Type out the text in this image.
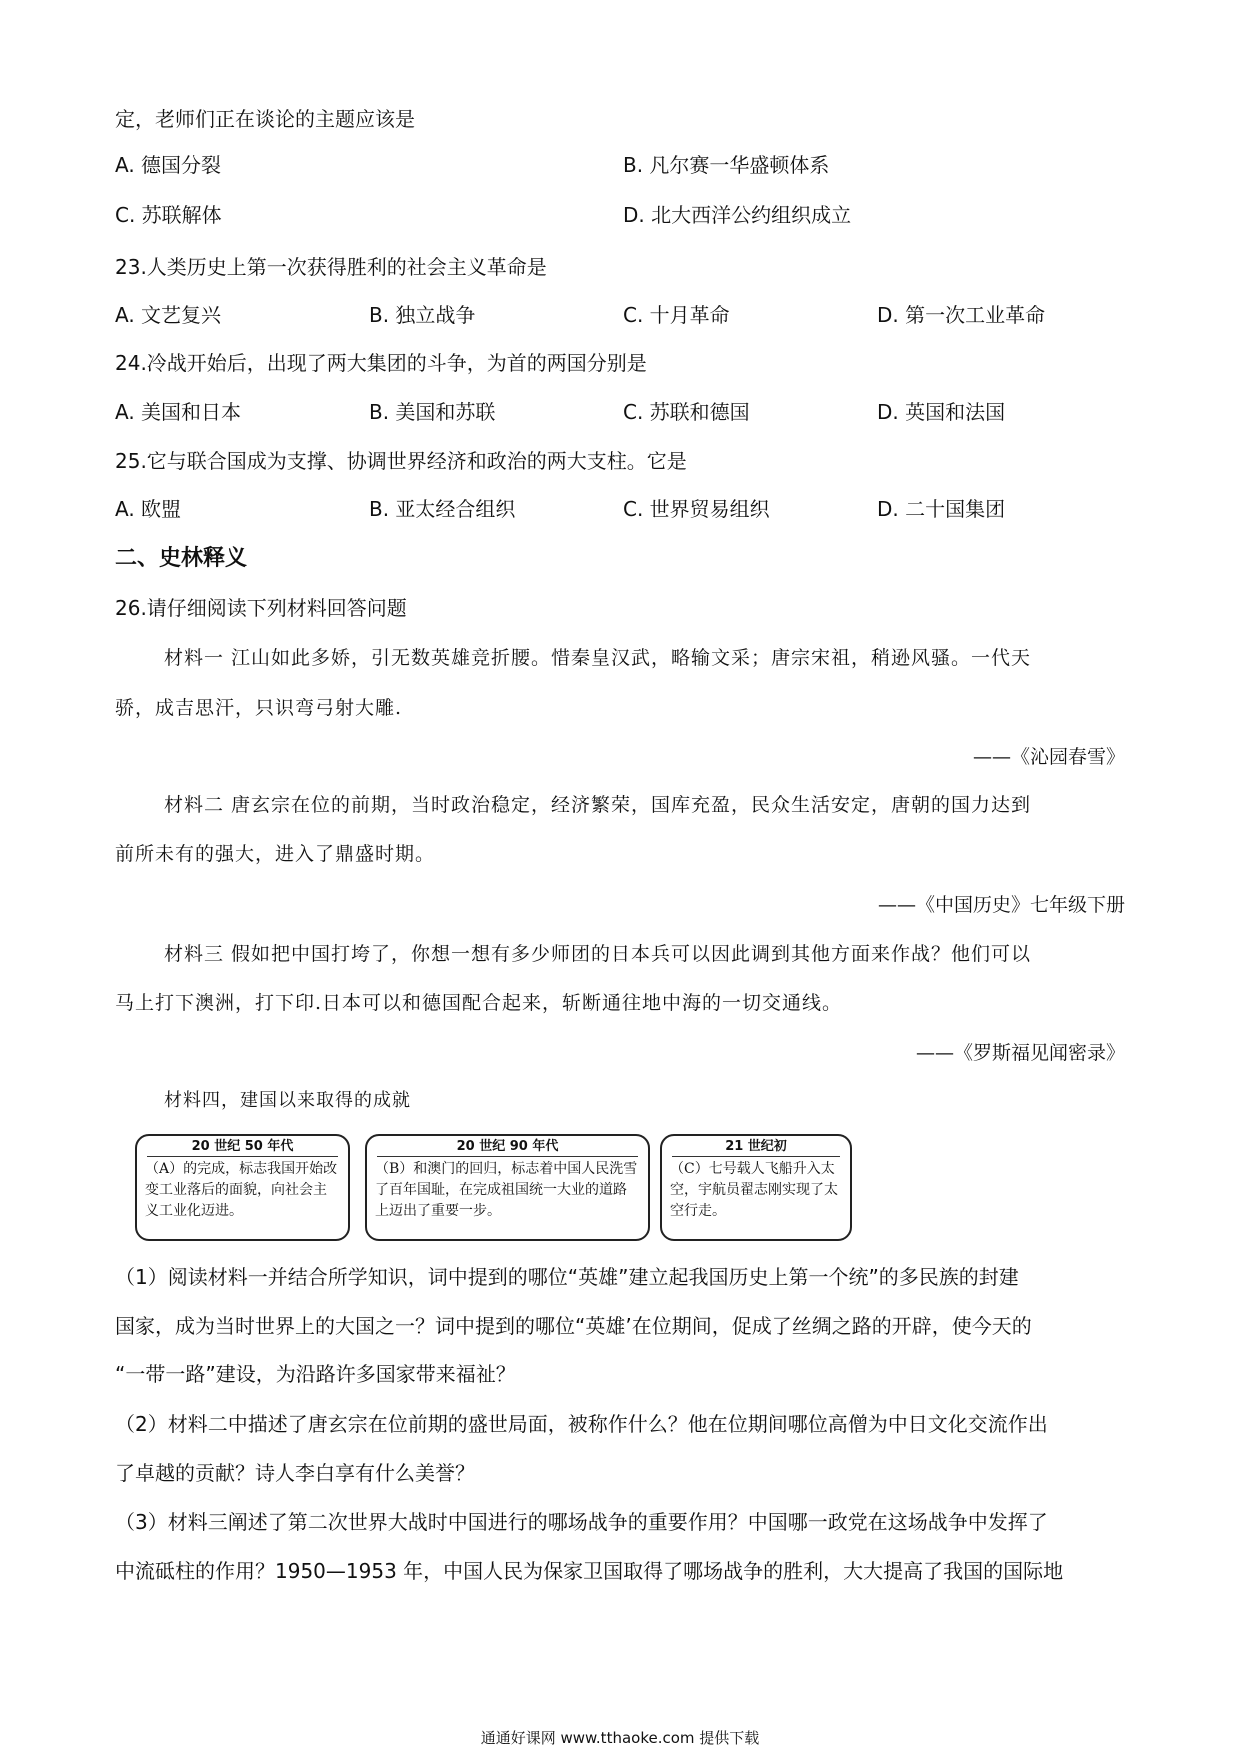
定，老师们正在谈论的主题应该是
A. 德国分裂	B. 凡尔赛一华盛顿体系
C. 苏联解体	D. 北大西洋公约组织成立
23.人类历史上第一次获得胜利的社会主义革命是
A. 文艺复兴	B. 独立战争	C. 十月革命	D. 第一次工业革命
24.冷战开始后，出现了两大集团的斗争，为首的两国分别是
A. 美国和日本	B. 美国和苏联	C. 苏联和德国	D. 英国和法国
25.它与联合国成为支撑、协调世界经济和政治的两大支柱。它是
A. 欧盟	B. 亚太经合组织	C. 世界贸易组织	D. 二十国集团
二、史林释义
26.请仔细阅读下列材料回答问题
材料一 江山如此多娇，引无数英雄竞折腰。惜秦皇汉武，略输文采；唐宗宋祖，稍逊风骚。一代天
骄，成吉思汗，只识弯弓射大雕.
——《沁园春雪》
材料二 唐玄宗在位的前期，当时政治稳定，经济繁荣，国库充盈，民众生活安定，唐朝的国力达到
前所未有的强大，进入了鼎盛时期。
——《中国历史》七年级下册
材料三 假如把中国打垮了，你想一想有多少师团的日本兵可以因此调到其他方面来作战？他们可以
马上打下澳洲，打下印.日本可以和德国配合起来，斩断通往地中海的一切交通线。
——《罗斯福见闻密录》
材料四，建国以来取得的成就
20 世纪 50 年代
（A）的完成，标志我国开始改变工业落后的面貌，向社会主义工业化迈进。
20 世纪 90 年代
（B）和澳门的回归，标志着中国人民洗雪了百年国耻，在完成祖国统一大业的道路上迈出了重要一步。
21 世纪初
（C）七号载人飞船升入太空，宇航员翟志刚实现了太空行走。
（1）阅读材料一并结合所学知识，词中提到的哪位“英雄”建立起我国历史上第一个统”的多民族的封建
国家，成为当时世界上的大国之一？词中提到的哪位“英雄’在位期间，促成了丝绸之路的开辟，使今天的
“一带一路”建设，为沿路许多国家带来福祉？
（2）材料二中描述了唐玄宗在位前期的盛世局面，被称作什么？他在位期间哪位高僧为中日文化交流作出
了卓越的贡献？诗人李白享有什么美誉？
（3）材料三阐述了第二次世界大战时中国进行的哪场战争的重要作用？中国哪一政党在这场战争中发挥了
中流砥柱的作用？1950—1953 年，中国人民为保家卫国取得了哪场战争的胜利，大大提高了我国的国际地
通通好课网 www.tthaoke.com 提供下载
